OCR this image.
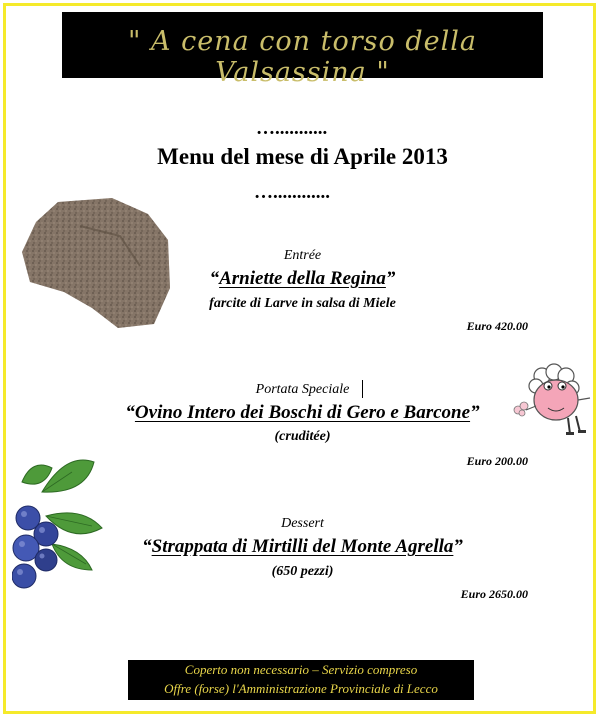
" A cena con torso della Valsassina "
…...........
Menu del mese di Aprile 2013
…............
Entrée
“Arniette della Regina”
farcite di Larve in salsa di Miele
Euro 420.00
Portata Speciale
“Ovino Intero dei Boschi di Gero e Barcone”
(cruditée)
Euro 200.00
Dessert
“Strappata di Mirtilli del Monte Agrella”
(650 pezzi)
Euro 2650.00
Coperto non necessario – Servizio compreso
Offre (forse) l'Amministrazione Provinciale di Lecco
